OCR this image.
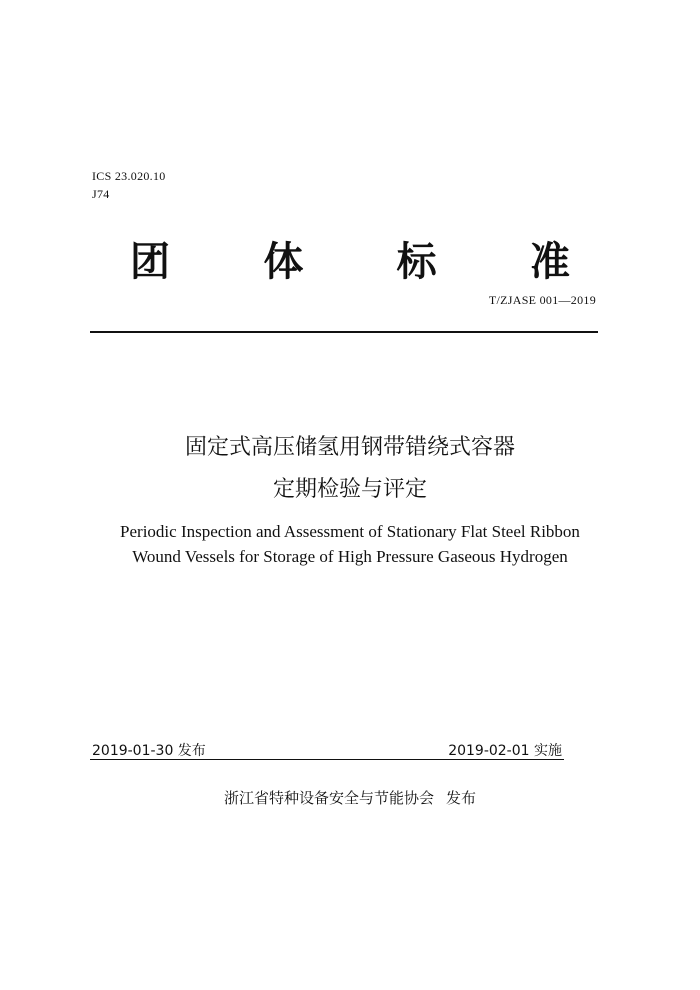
ICS 23.020.10
J74
团 体 标 准
T/ZJASE 001—2019
固定式高压储氢用钢带错绕式容器
定期检验与评定
Periodic Inspection and Assessment of Stationary Flat Steel Ribbon
Wound Vessels for Storage of High Pressure Gaseous Hydrogen
2019-01-30 发布	2019-02-01 实施
浙江省特种设备安全与节能协会 发布
